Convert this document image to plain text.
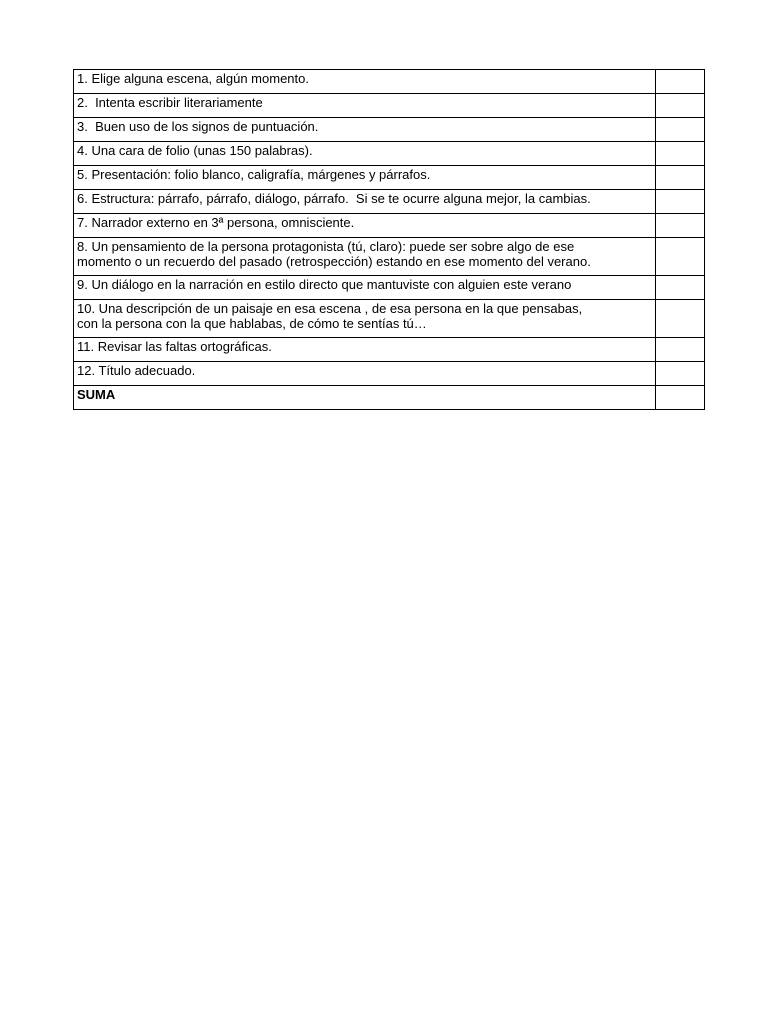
1. Elige alguna escena, algún momento.	
2.  Intenta escribir literariamente	
3.  Buen uso de los signos de puntuación.	
4. Una cara de folio (unas 150 palabras).	
5. Presentación: folio blanco, caligrafía, márgenes y párrafos.	
6. Estructura: párrafo, párrafo, diálogo, párrafo.  Si se te ocurre alguna mejor, la cambias.	
7. Narrador externo en 3ª persona, omnisciente.	
8. Un pensamiento de la persona protagonista (tú, claro): puede ser sobre algo de ese
momento o un recuerdo del pasado (retrospección) estando en ese momento del verano.	
9. Un diálogo en la narración en estilo directo que mantuviste con alguien este verano	
10. Una descripción de un paisaje en esa escena , de esa persona en la que pensabas,
con la persona con la que hablabas, de cómo te sentías tú…	
11. Revisar las faltas ortográficas.	
12. Título adecuado.	
SUMA	
